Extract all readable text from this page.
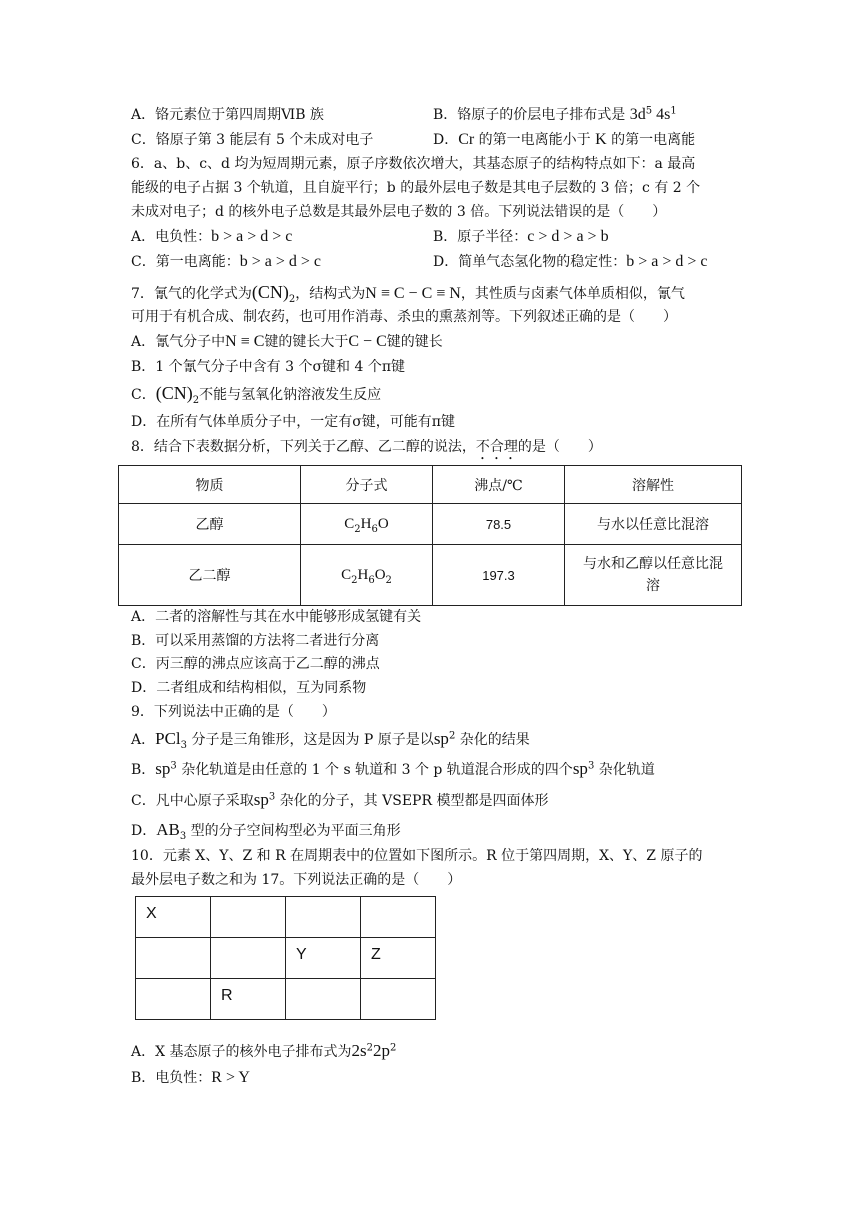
A．铬元素位于第四周期ⅥB 族	B．铬原子的价层电子排布式是 $3d^5$ $4s^1$
C．铬原子第 3 能层有 5 个未成对电子	D．Cr 的第一电离能小于 K 的第一电离能
6．a、b、c、d 均为短周期元素，原子序数依次增大，其基态原子的结构特点如下：a 最高
能级的电子占据 3 个轨道，且自旋平行；b 的最外层电子数是其电子层数的 3 倍；c 有 2 个
未成对电子；d 的核外电子总数是其最外层电子数的 3 倍。下列说法错误的是（　　）
A．电负性：b > a > d > c	B．原子半径：c > d > a > b
C．第一电离能：b > a > d > c	D．简单气态氢化物的稳定性：b > a > d > c
7．氰气的化学式为$(CN)_2$，结构式为N ≡ C − C ≡ N，其性质与卤素气体单质相似，氰气
可用于有机合成、制农药，也可用作消毒、杀虫的熏蒸剂等。下列叙述正确的是（　　）
A．氰气分子中N ≡ C键的键长大于C − C键的键长
B．1 个氰气分子中含有 3 个σ键和 4 个π键
C．$(CN)_2$不能与氢氧化钠溶液发生反应
D．在所有气体单质分子中，一定有σ键，可能有π键
8．结合下表数据分析，下列关于乙醇、乙二醇的说法，不合理的是（　　）
物质	分子式	沸点/℃	溶解性
乙醇	$C_2H_6O$	78.5	与水以任意比混溶
乙二醇	$C_2H_6O_2$	197.3	与水和乙醇以任意比混
溶
A．二者的溶解性与其在水中能够形成氢键有关
B．可以采用蒸馏的方法将二者进行分离
C．丙三醇的沸点应该高于乙二醇的沸点
D．二者组成和结构相似，互为同系物
9．下列说法中正确的是（　　）
A．PCl$_3$ 分子是三角锥形，这是因为 P 原子是以$sp^2$ 杂化的结果
B．$sp^3$ 杂化轨道是由任意的 1 个 s 轨道和 3 个 p 轨道混合形成的四个$sp^3$ 杂化轨道
C．凡中心原子采取$sp^3$ 杂化的分子，其 VSEPR 模型都是四面体形
D．$AB_3$ 型的分子空间构型必为平面三角形
10．元素 X、Y、Z 和 R 在周期表中的位置如下图所示。R 位于第四周期，X、Y、Z 原子的
最外层电子数之和为 17。下列说法正确的是（　　）
X			
		Y	Z
	R		
A．X 基态原子的核外电子排布式为$2s^22p^2$
B．电负性：R > Y
